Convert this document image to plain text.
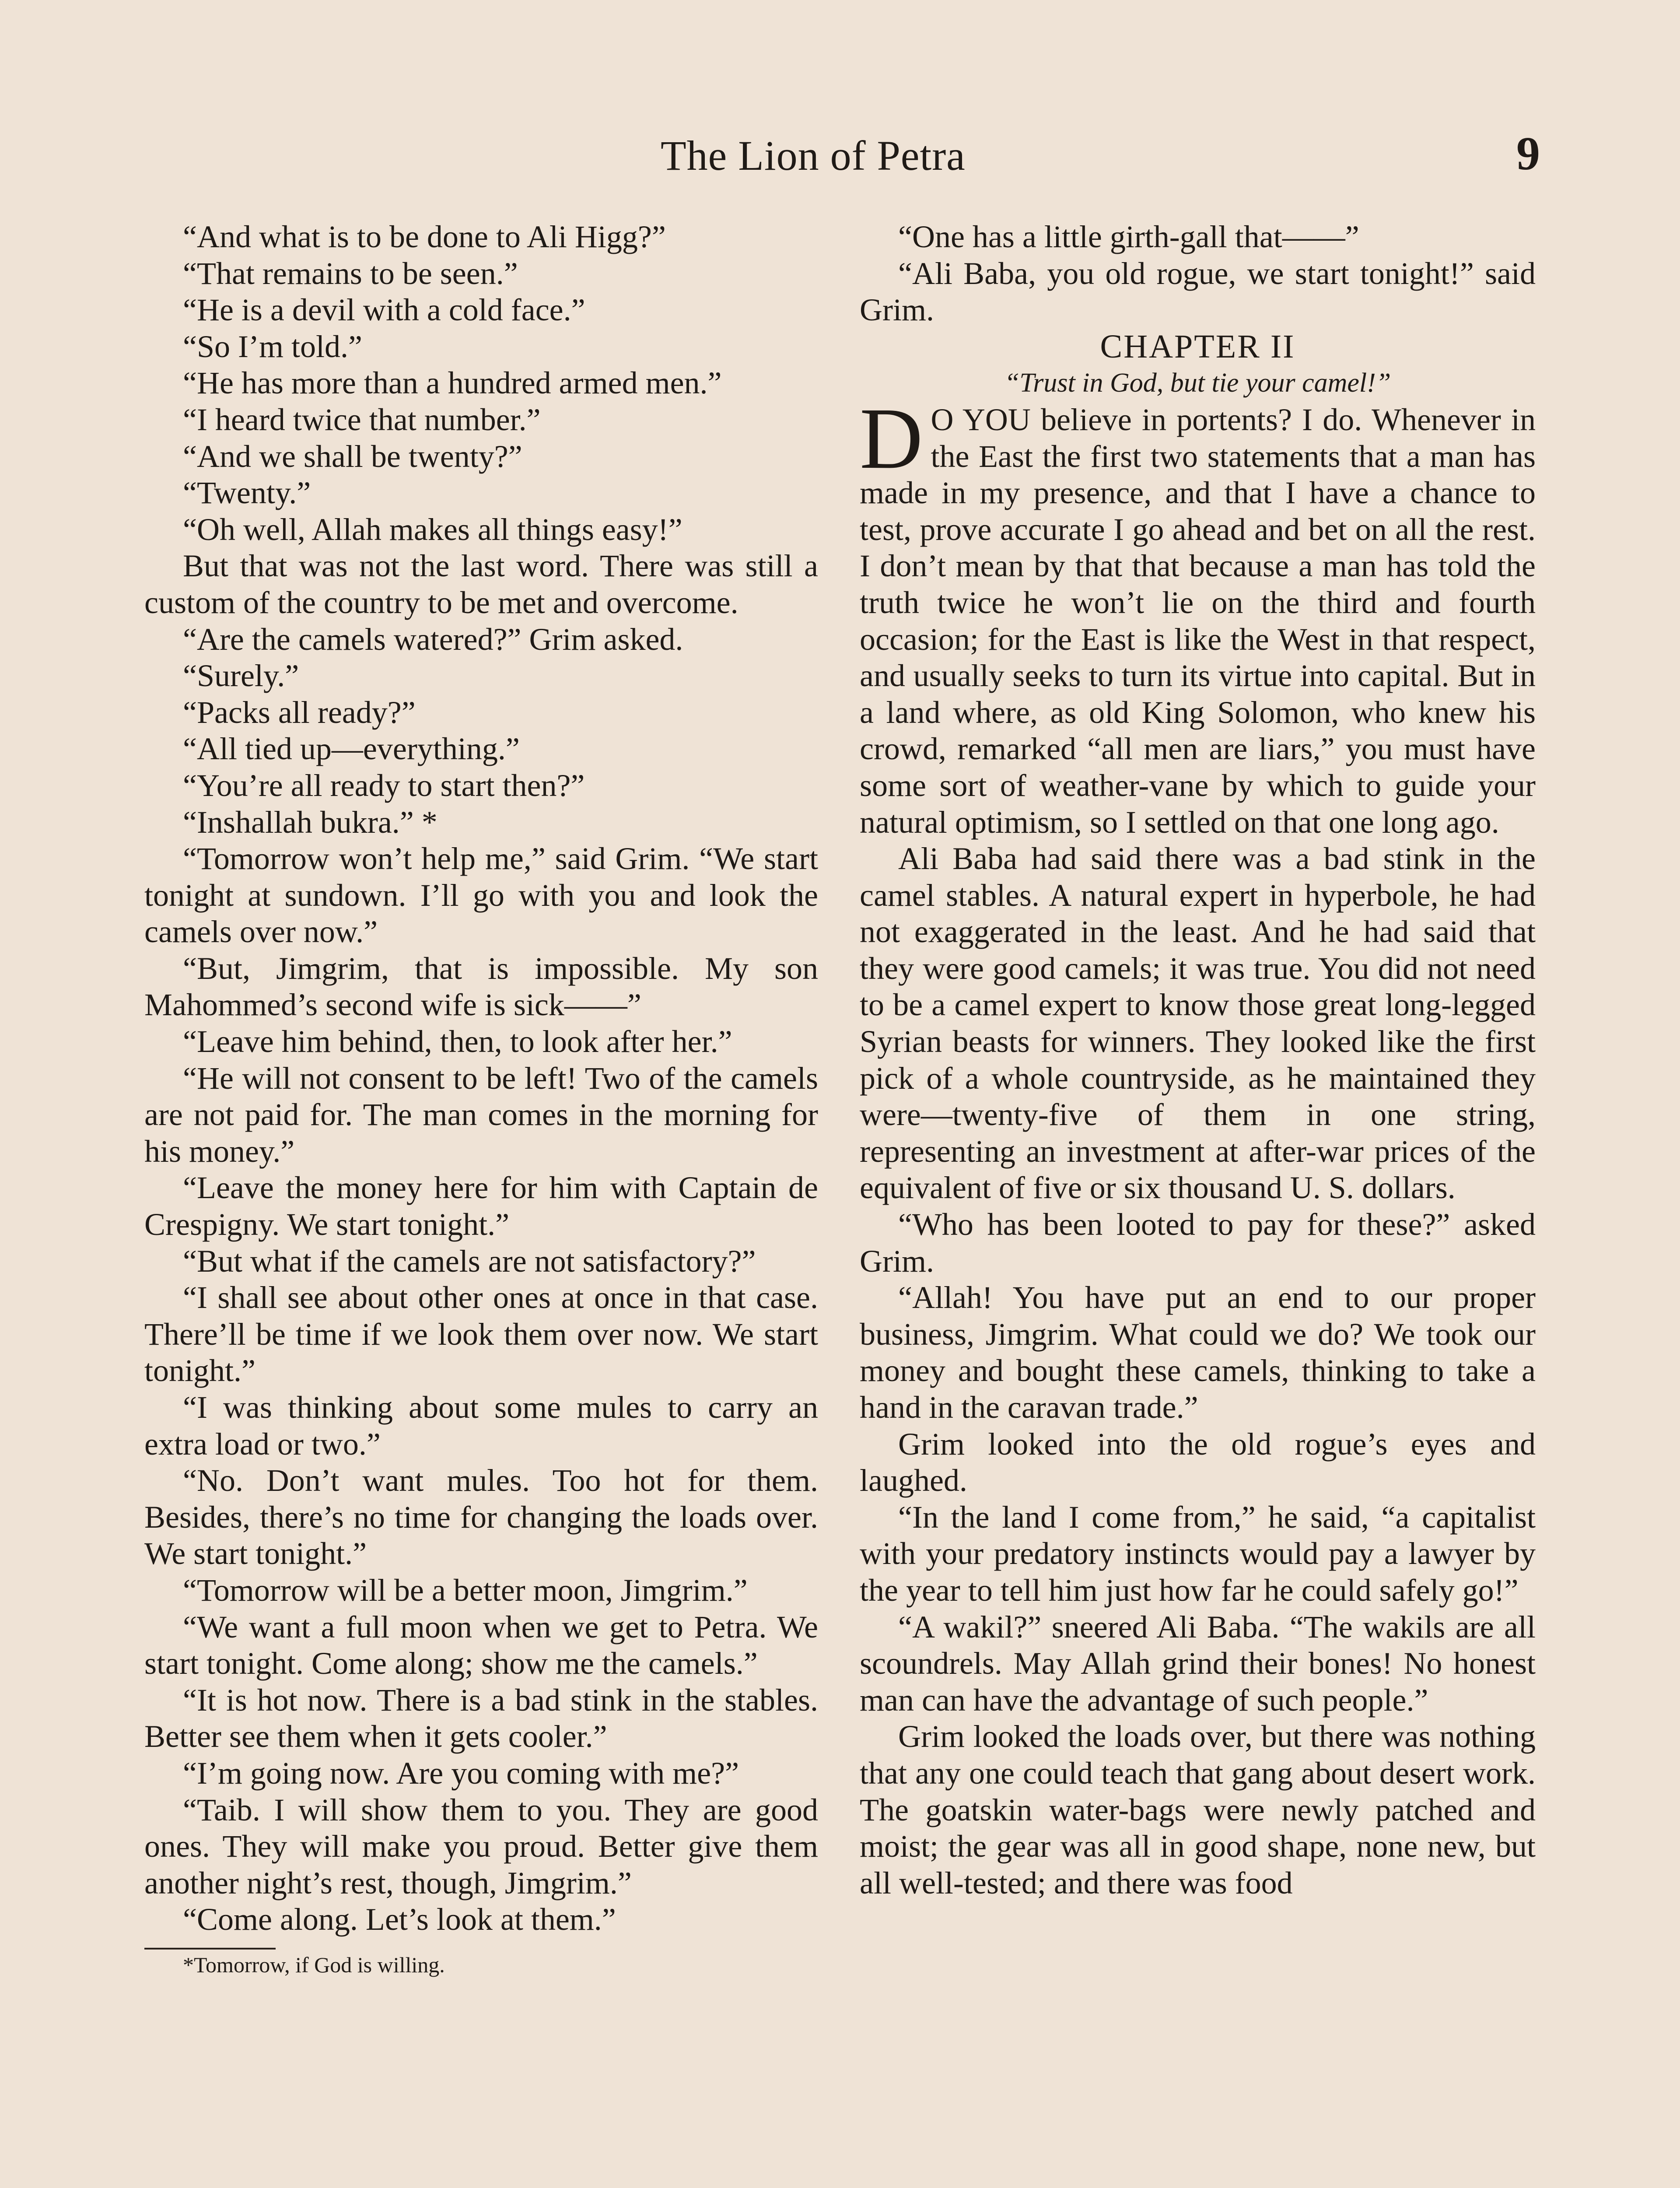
The Lion of Petra	9

“And what is to be done to Ali Higg?”

“That remains to be seen.”

“He is a devil with a cold face.”

“So I’m told.”

“He has more than a hundred armed men.”

“I heard twice that number.”

“And we shall be twenty?”

“Twenty.”

“Oh well, Allah makes all things easy!”

But that was not the last word. There was still a custom of the country to be met and overcome.

“Are the camels watered?” Grim asked.

“Surely.”

“Packs all ready?”

“All tied up—everything.”

“You’re all ready to start then?”

“Inshallah bukra.” *

“Tomorrow won’t help me,” said Grim. “We start tonight at sundown. I’ll go with you and look the camels over now.”

“But, Jimgrim, that is impossible. My son Mahommed’s second wife is sick——”

“Leave him behind, then, to look after her.”

“He will not consent to be left! Two of the camels are not paid for. The man comes in the morning for his money.”

“Leave the money here for him with Captain de Crespigny. We start tonight.”

“But what if the camels are not satisfactory?”

“I shall see about other ones at once in that case. There’ll be time if we look them over now. We start tonight.”

“I was thinking about some mules to carry an extra load or two.”

“No. Don’t want mules. Too hot for them. Besides, there’s no time for changing the loads over. We start tonight.”

“Tomorrow will be a better moon, Jimgrim.”

“We want a full moon when we get to Petra. We start tonight. Come along; show me the camels.”

“It is hot now. There is a bad stink in the stables. Better see them when it gets cooler.”

“I’m going now. Are you coming with me?”

“Taib. I will show them to you. They are good ones. They will make you proud. Better give them another night’s rest, though, Jimgrim.”

“Come along. Let’s look at them.”

*Tomorrow, if God is willing.

“One has a little girth-gall that——”

“Ali Baba, you old rogue, we start tonight!” said Grim.

CHAPTER II

“Trust in God, but tie your camel!”

D O YOU believe in portents? I do. Whenever in the East the first two statements that a man has made in my presence, and that I have a chance to test, prove accurate I go ahead and bet on all the rest. I don’t mean by that that because a man has told the truth twice he won’t lie on the third and fourth occasion; for the East is like the West in that respect, and usually seeks to turn its virtue into capital. But in a land where, as old King Solomon, who knew his crowd, remarked “all men are liars,” you must have some sort of weather-vane by which to guide your natural optimism, so I settled on that one long ago.

Ali Baba had said there was a bad stink in the camel stables. A natural expert in hyperbole, he had not exaggerated in the least. And he had said that they were good camels; it was true. You did not need to be a camel expert to know those great long-legged Syrian beasts for winners. They looked like the first pick of a whole countryside, as he maintained they were—twenty-five of them in one string, representing an investment at after-war prices of the equivalent of five or six thousand U. S. dollars.

“Who has been looted to pay for these?” asked Grim.

“Allah! You have put an end to our proper business, Jimgrim. What could we do? We took our money and bought these camels, thinking to take a hand in the caravan trade.”

Grim looked into the old rogue’s eyes and laughed.

“In the land I come from,” he said, “a capitalist with your predatory instincts would pay a lawyer by the year to tell him just how far he could safely go!”

“A wakil?” sneered Ali Baba. “The wakils are all scoundrels. May Allah grind their bones! No honest man can have the advantage of such people.”

Grim looked the loads over, but there was nothing that any one could teach that gang about desert work. The goatskin water-bags were newly patched and moist; the gear was all in good shape, none new, but all well-tested; and there was food
